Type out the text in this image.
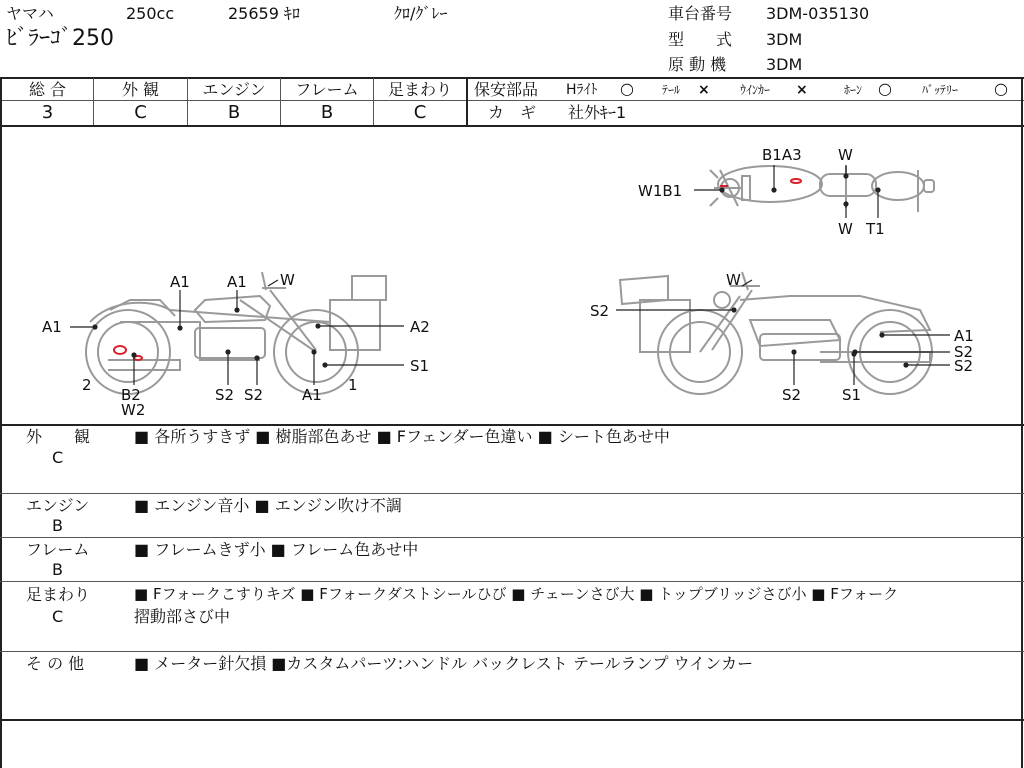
ヤマハ	250cc	25659 ｷﾛ	ｸﾛ/ｸﾞﾚｰ
ﾋﾞﾗｰｺﾞ250
車台番号 3DM-035130
型　　式 3DM
原 動 機 3DM
総 合	外 観	エンジン	フレーム	足まわり
3	C	B	B	C
保安部品 Hﾗｲﾄ ○ ﾃｰﾙ ×	ｳｲﾝｶｰ ×	ﾎｰﾝ ○	ﾊﾞｯﾃﾘｰ ○
カ　ギ 社外ｷｰ1
B1A3 W
W1B1
W T1
A1
A1 A1 W
A2
S1
B2
W2
S2 S2	A1
2	1
W
S2
A1
S2
S2
S2	S1
外　　観
C
■ 各所うすきず ■ 樹脂部色あせ ■ Fフェンダー色違い ■ シート色あせ中
エンジン
B
■ エンジン音小 ■ エンジン吹け不調
フレーム
B
■ フレームきず小 ■ フレーム色あせ中
足まわり
C
■ Fフォークこすりキズ ■ Fフォークダストシールひび ■ チェーンさび大 ■ トップブリッジさび小 ■ Fフォーク
摺動部さび中
そ の 他	■ メーター針欠損 ■カスタムパーツ:ハンドル バックレスト テールランプ ウインカー
